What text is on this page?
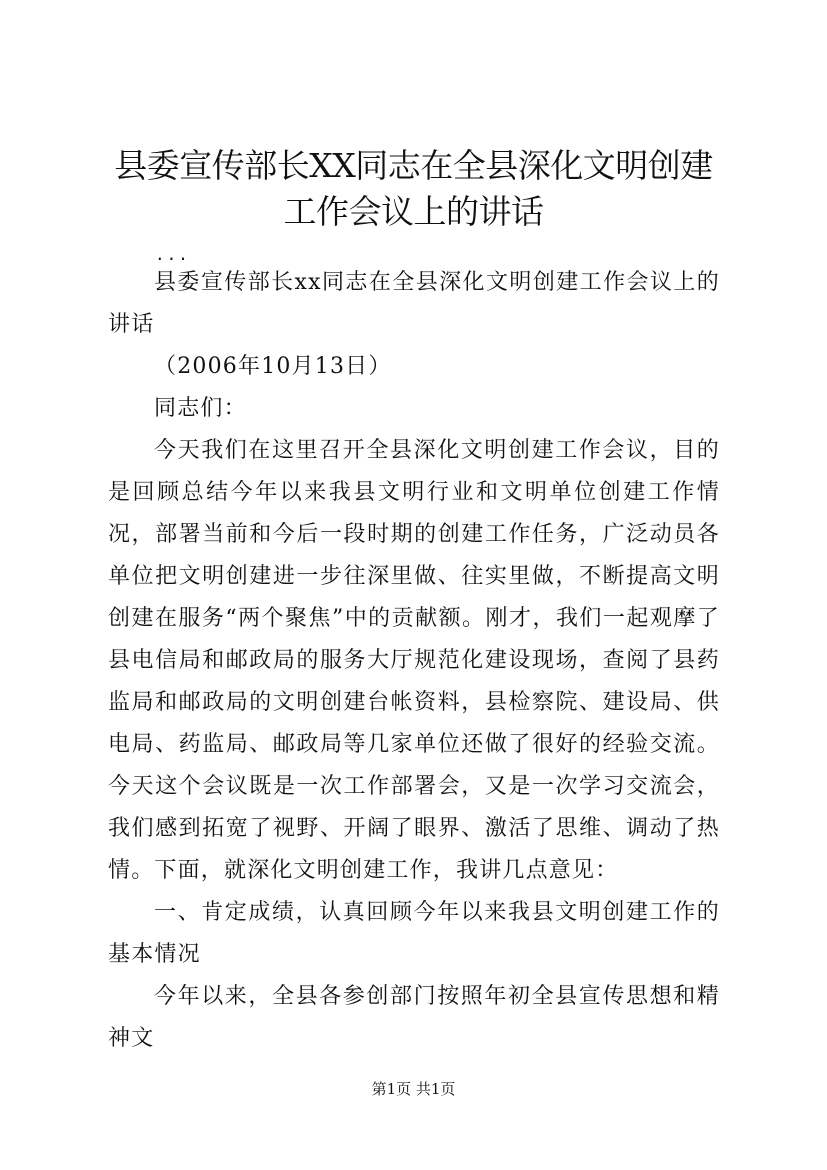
县委宣传部长XX同志在全县深化文明创建工作会议上的讲话
...

县委宣传部长xx同志在全县深化文明创建工作会议上的讲话

（2006年10月13日）

同志们：

今天我们在这里召开全县深化文明创建工作会议，目的是回顾总结今年以来我县文明行业和文明单位创建工作情况，部署当前和今后一段时期的创建工作任务，广泛动员各单位把文明创建进一步往深里做、往实里做，不断提高文明创建在服务“两个聚焦”中的贡献额。刚才，我们一起观摩了县电信局和邮政局的服务大厅规范化建设现场，查阅了县药监局和邮政局的文明创建台帐资料，县检察院、建设局、供电局、药监局、邮政局等几家单位还做了很好的经验交流。今天这个会议既是一次工作部署会，又是一次学习交流会，我们感到拓宽了视野、开阔了眼界、激活了思维、调动了热情。下面，就深化文明创建工作，我讲几点意见：

一、肯定成绩，认真回顾今年以来我县文明创建工作的基本情况

今年以来，全县各参创部门按照年初全县宣传思想和精神文

第1页 共1页
